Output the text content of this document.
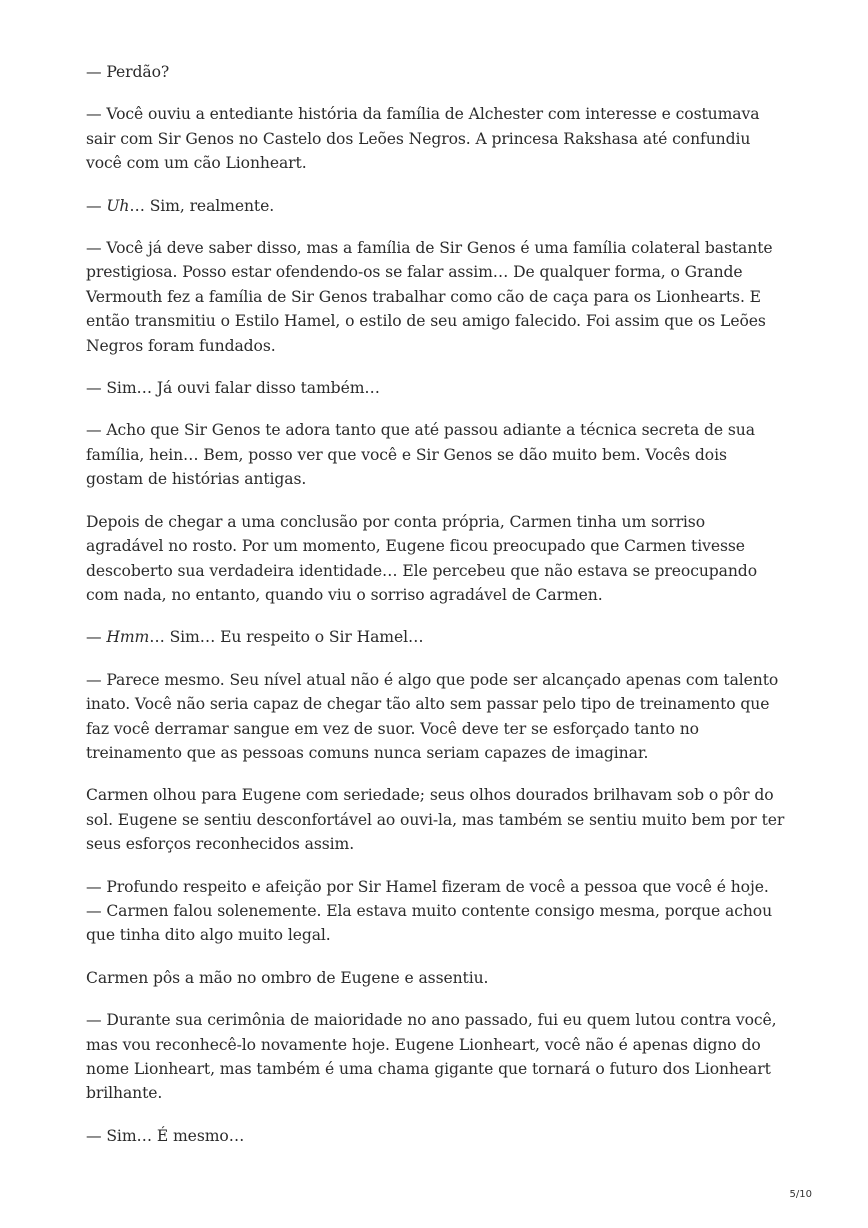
— Perdão?

— Você ouviu a entediante história da família de Alchester com interesse e costumava sair com Sir Genos no Castelo dos Leões Negros. A princesa Rakshasa até confundiu você com um cão Lionheart.

— Uh… Sim, realmente.

— Você já deve saber disso, mas a família de Sir Genos é uma família colateral bastante prestigiosa. Posso estar ofendendo-os se falar assim… De qualquer forma, o Grande Vermouth fez a família de Sir Genos trabalhar como cão de caça para os Lionhearts. E então transmitiu o Estilo Hamel, o estilo de seu amigo falecido. Foi assim que os Leões Negros foram fundados.

— Sim… Já ouvi falar disso também…

— Acho que Sir Genos te adora tanto que até passou adiante a técnica secreta de sua família, hein… Bem, posso ver que você e Sir Genos se dão muito bem. Vocês dois gostam de histórias antigas.

Depois de chegar a uma conclusão por conta própria, Carmen tinha um sorriso agradável no rosto. Por um momento, Eugene ficou preocupado que Carmen tivesse descoberto sua verdadeira identidade… Ele percebeu que não estava se preocupando com nada, no entanto, quando viu o sorriso agradável de Carmen.

— Hmm… Sim… Eu respeito o Sir Hamel…

— Parece mesmo. Seu nível atual não é algo que pode ser alcançado apenas com talento inato. Você não seria capaz de chegar tão alto sem passar pelo tipo de treinamento que faz você derramar sangue em vez de suor. Você deve ter se esforçado tanto no treinamento que as pessoas comuns nunca seriam capazes de imaginar.

Carmen olhou para Eugene com seriedade; seus olhos dourados brilhavam sob o pôr do sol. Eugene se sentiu desconfortável ao ouvi-la, mas também se sentiu muito bem por ter seus esforços reconhecidos assim.

— Profundo respeito e afeição por Sir Hamel fizeram de você a pessoa que você é hoje. — Carmen falou solenemente. Ela estava muito contente consigo mesma, porque achou que tinha dito algo muito legal.

Carmen pôs a mão no ombro de Eugene e assentiu.

— Durante sua cerimônia de maioridade no ano passado, fui eu quem lutou contra você, mas vou reconhecê-lo novamente hoje. Eugene Lionheart, você não é apenas digno do nome Lionheart, mas também é uma chama gigante que tornará o futuro dos Lionheart brilhante.

— Sim… É mesmo…

5/10
